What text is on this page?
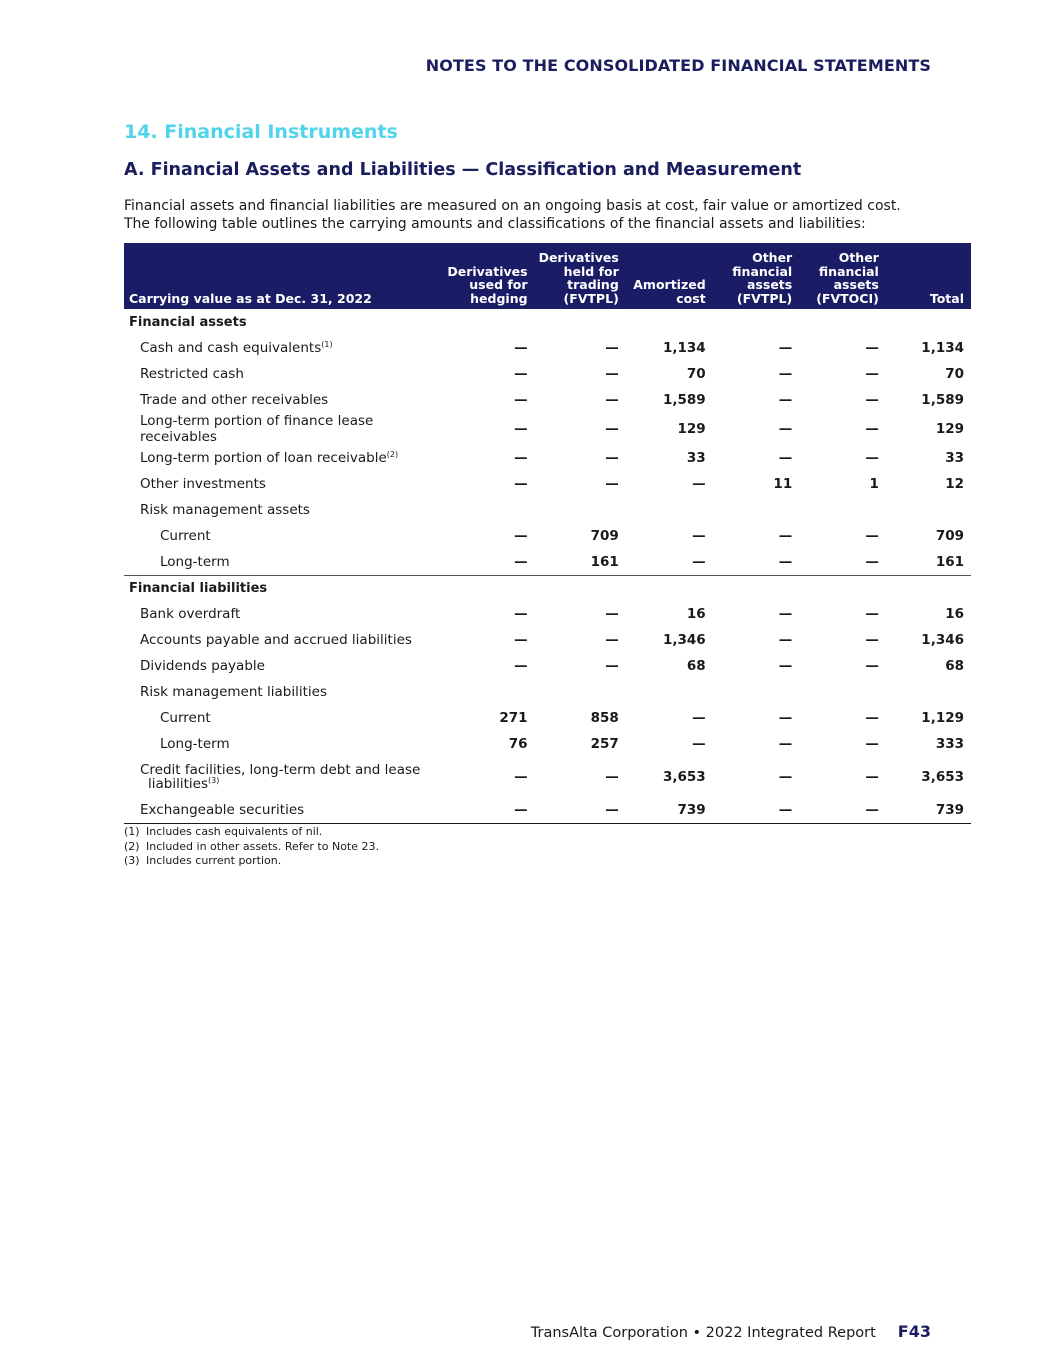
NOTES TO THE CONSOLIDATED FINANCIAL STATEMENTS
14. Financial Instruments
A. Financial Assets and Liabilities — Classification and Measurement

Financial assets and financial liabilities are measured on an ongoing basis at cost, fair value or amortized cost.

The following table outlines the carrying amounts and classifications of the financial assets and liabilities:

Carrying value as at Dec. 31, 2022	Derivatives
used for
hedging	Derivatives
held for
trading
(FVTPL)	Amortized
cost	Other
financial
assets
(FVTPL)	Other
financial
assets
(FVTOCI)	Total

Financial assets						
Cash and cash equivalents$^{(1)}$	—	—	1,134	—	—	1,134
Restricted cash	—	—	70	—	—	70
Trade and other receivables	—	—	1,589	—	—	1,589
Long-term portion of finance lease receivables	—	—	129	—	—	129
Long-term portion of loan receivable$^{(2)}$	—	—	33	—	—	33
Other investments	—	—	—	11	1	12
Risk management assets						
Current	—	709	—	—	—	709
Long-term	—	161	—	—	—	161
Financial liabilities						
Bank overdraft	—	—	16	—	—	16
Accounts payable and accrued liabilities	—	—	1,346	—	—	1,346
Dividends payable	—	—	68	—	—	68
Risk management liabilities						
Current	271	858	—	—	—	1,129
Long-term	76	257	—	—	—	333

Credit facilities, long-term debt and lease
liabilities$^{(3)}$	—	—	3,653	—	—	3,653
Exchangeable securities	—	—	739	—	—	739
(1) Includes cash equivalents of nil.
(2) Included in other assets. Refer to Note 23.
(3) Includes current portion.
TransAlta Corporation • 2022 Integrated Report F43
